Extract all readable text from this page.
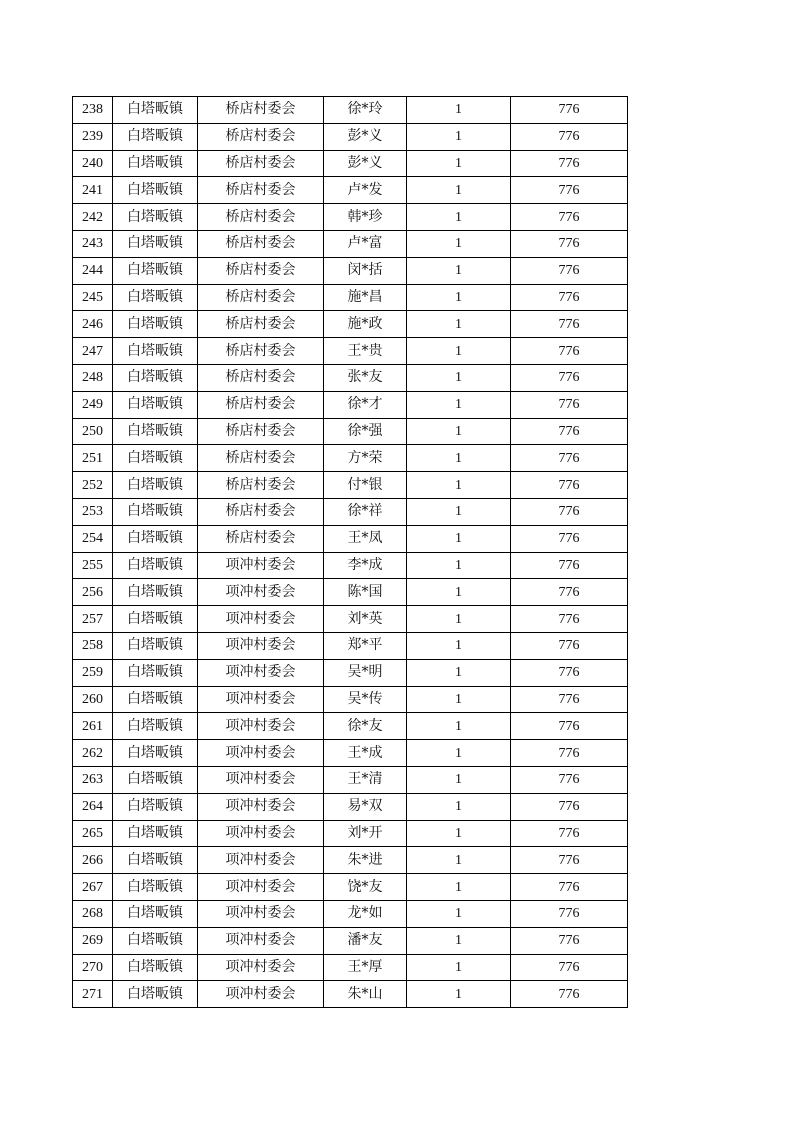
238	白塔畈镇	桥店村委会	徐*玲	1	776
239	白塔畈镇	桥店村委会	彭*义	1	776
240	白塔畈镇	桥店村委会	彭*义	1	776
241	白塔畈镇	桥店村委会	卢*发	1	776
242	白塔畈镇	桥店村委会	韩*珍	1	776
243	白塔畈镇	桥店村委会	卢*富	1	776
244	白塔畈镇	桥店村委会	闵*括	1	776
245	白塔畈镇	桥店村委会	施*昌	1	776
246	白塔畈镇	桥店村委会	施*政	1	776
247	白塔畈镇	桥店村委会	王*贵	1	776
248	白塔畈镇	桥店村委会	张*友	1	776
249	白塔畈镇	桥店村委会	徐*才	1	776
250	白塔畈镇	桥店村委会	徐*强	1	776
251	白塔畈镇	桥店村委会	方*荣	1	776
252	白塔畈镇	桥店村委会	付*银	1	776
253	白塔畈镇	桥店村委会	徐*祥	1	776
254	白塔畈镇	桥店村委会	王*凤	1	776
255	白塔畈镇	项冲村委会	李*成	1	776
256	白塔畈镇	项冲村委会	陈*国	1	776
257	白塔畈镇	项冲村委会	刘*英	1	776
258	白塔畈镇	项冲村委会	郑*平	1	776
259	白塔畈镇	项冲村委会	吴*明	1	776
260	白塔畈镇	项冲村委会	吴*传	1	776
261	白塔畈镇	项冲村委会	徐*友	1	776
262	白塔畈镇	项冲村委会	王*成	1	776
263	白塔畈镇	项冲村委会	王*清	1	776
264	白塔畈镇	项冲村委会	易*双	1	776
265	白塔畈镇	项冲村委会	刘*开	1	776
266	白塔畈镇	项冲村委会	朱*进	1	776
267	白塔畈镇	项冲村委会	饶*友	1	776
268	白塔畈镇	项冲村委会	龙*如	1	776
269	白塔畈镇	项冲村委会	潘*友	1	776
270	白塔畈镇	项冲村委会	王*厚	1	776
271	白塔畈镇	项冲村委会	朱*山	1	776
